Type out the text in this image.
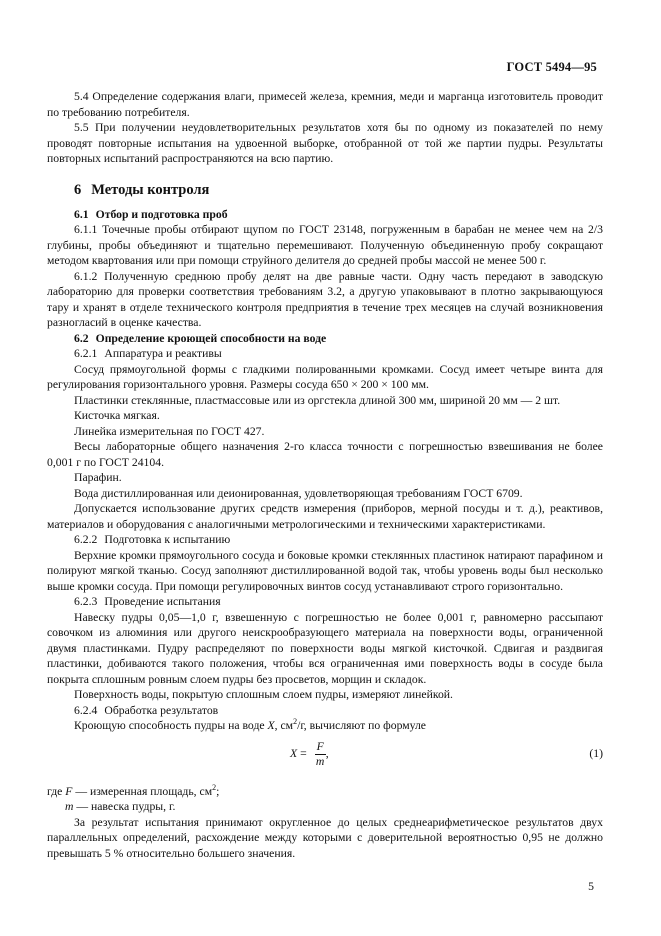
ГОСТ 5494—95

5.4 Определение содержания влаги, примесей железа, кремния, меди и марганца изготовитель проводит по требованию потребителя.

5.5 При получении неудовлетворительных результатов хотя бы по одному из показателей по нему проводят повторные испытания на удвоенной выборке, отобранной от той же партии пудры. Результаты повторных испытаний распространяются на всю партию.

6 Методы контроля
6.1 Отбор и подготовка проб

6.1.1 Точечные пробы отбирают щупом по ГОСТ 23148, погруженным в барабан не менее чем на 2/3 глубины, пробы объединяют и тщательно перемешивают. Полученную объединенную пробу сокращают методом квартования или при помощи струйного делителя до средней пробы массой не менее 500 г.

6.1.2 Полученную среднюю пробу делят на две равные части. Одну часть передают в заводскую лабораторию для проверки соответствия требованиям 3.2, а другую упаковывают в плотно закрывающуюся тару и хранят в отделе технического контроля предприятия в течение трех месяцев на случай возникновения разногласий в оценке качества.

6.2 Определение кроющей способности на воде
6.2.1 Аппаратура и реактивы

Сосуд прямоугольной формы с гладкими полированными кромками. Сосуд имеет четыре винта для регулирования горизонтального уровня. Размеры сосуда 650 × 200 × 100 мм.

Пластинки стеклянные, пластмассовые или из оргстекла длиной 300 мм, шириной 20 мм — 2 шт.

Кисточка мягкая.

Линейка измерительная по ГОСТ 427.

Весы лабораторные общего назначения 2-го класса точности с погрешностью взвешивания не более 0,001 г по ГОСТ 24104.

Парафин.

Вода дистиллированная или деионированная, удовлетворяющая требованиям ГОСТ 6709.

Допускается использование других средств измерения (приборов, мерной посуды и т. д.), реактивов, материалов и оборудования с аналогичными метрологическими и техническими характеристиками.

6.2.2 Подготовка к испытанию

Верхние кромки прямоугольного сосуда и боковые кромки стеклянных пластинок натирают парафином и полируют мягкой тканью. Сосуд заполняют дистиллированной водой так, чтобы уровень воды был несколько выше кромки сосуда. При помощи регулировочных винтов сосуд устанавливают строго горизонтально.

6.2.3 Проведение испытания

Навеску пудры 0,05—1,0 г, взвешенную с погрешностью не более 0,001 г, равномерно рассыпают совочком из алюминия или другого неискрообразующего материала на поверхности воды, ограниченной двумя пластинками. Пудру распределяют по поверхности воды мягкой кисточкой. Сдвигая и раздвигая пластинки, добиваются такого положения, чтобы вся ограниченная ими поверхность воды в сосуде была покрыта сплошным ровным слоем пудры без просветов, морщин и складок.

Поверхность воды, покрытую сплошным слоем пудры, измеряют линейкой.

6.2.4 Обработка результатов

Кроющую способность пудры на воде X, $см^2/г$, вычисляют по формуле

$X = \frac{F}{m}$ ,	(1)

где F — измеренная площадь, $см^2$;

m — навеска пудры, г.

За результат испытания принимают округленное до целых среднеарифметическое результатов двух параллельных определений, расхождение между которыми с доверительной вероятностью 0,95 не должно превышать 5 % относительно большего значения.

5
